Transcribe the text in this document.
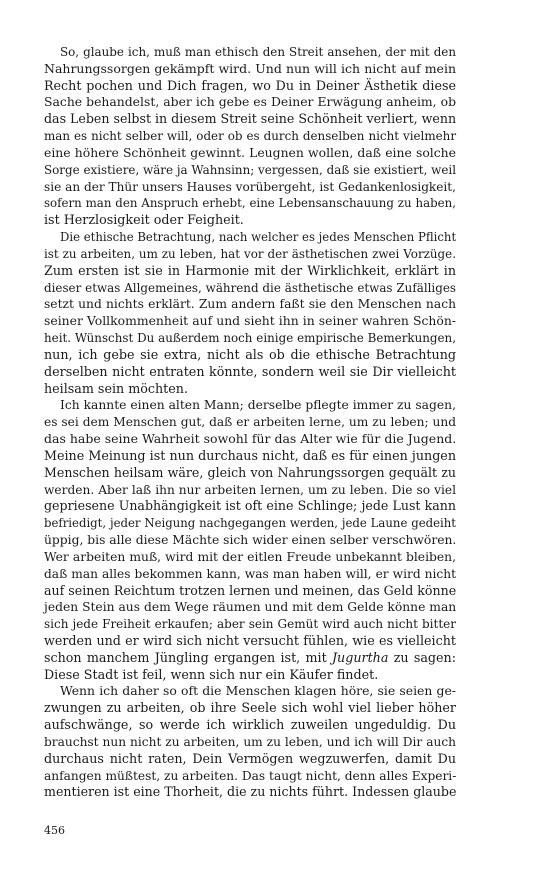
So, glaube ich, muß man ethisch den Streit ansehen, der mit den
Nahrungssorgen gekämpft wird. Und nun will ich nicht auf mein
Recht pochen und Dich fragen, wo Du in Deiner Ästhetik diese
Sache behandelst, aber ich gebe es Deiner Erwägung anheim, ob
das Leben selbst in diesem Streit seine Schönheit verliert, wenn
man es nicht selber will, oder ob es durch denselben nicht vielmehr
eine höhere Schönheit gewinnt. Leugnen wollen, daß eine solche
Sorge existiere, wäre ja Wahnsinn; vergessen, daß sie existiert, weil
sie an der Thür unsers Hauses vorübergeht, ist Gedankenlosigkeit,
sofern man den Anspruch erhebt, eine Lebensanschauung zu haben,
ist Herzlosigkeit oder Feigheit.
Die ethische Betrachtung, nach welcher es jedes Menschen Pflicht
ist zu arbeiten, um zu leben, hat vor der ästhetischen zwei Vorzüge.
Zum ersten ist sie in Harmonie mit der Wirklichkeit, erklärt in
dieser etwas Allgemeines, während die ästhetische etwas Zufälliges
setzt und nichts erklärt. Zum andern faßt sie den Menschen nach
seiner Vollkommenheit auf und sieht ihn in seiner wahren Schön-
heit. Wünschst Du außerdem noch einige empirische Bemerkungen,
nun, ich gebe sie extra, nicht als ob die ethische Betrachtung
derselben nicht entraten könnte, sondern weil sie Dir vielleicht
heilsam sein möchten.
Ich kannte einen alten Mann; derselbe pflegte immer zu sagen,
es sei dem Menschen gut, daß er arbeiten lerne, um zu leben; und
das habe seine Wahrheit sowohl für das Alter wie für die Jugend.
Meine Meinung ist nun durchaus nicht, daß es für einen jungen
Menschen heilsam wäre, gleich von Nahrungssorgen gequält zu
werden. Aber laß ihn nur arbeiten lernen, um zu leben. Die so viel
gepriesene Unabhängigkeit ist oft eine Schlinge; jede Lust kann
befriedigt, jeder Neigung nachgegangen werden, jede Laune gedeiht
üppig, bis alle diese Mächte sich wider einen selber verschwören.
Wer arbeiten muß, wird mit der eitlen Freude unbekannt bleiben,
daß man alles bekommen kann, was man haben will, er wird nicht
auf seinen Reichtum trotzen lernen und meinen, das Geld könne
jeden Stein aus dem Wege räumen und mit dem Gelde könne man
sich jede Freiheit erkaufen; aber sein Gemüt wird auch nicht bitter
werden und er wird sich nicht versucht fühlen, wie es vielleicht
schon manchem Jüngling ergangen ist, mit Jugurtha zu sagen:
Diese Stadt ist feil, wenn sich nur ein Käufer findet.
Wenn ich daher so oft die Menschen klagen höre, sie seien ge-
zwungen zu arbeiten, ob ihre Seele sich wohl viel lieber höher
aufschwänge, so werde ich wirklich zuweilen ungeduldig. Du
brauchst nun nicht zu arbeiten, um zu leben, und ich will Dir auch
durchaus nicht raten, Dein Vermögen wegzuwerfen, damit Du
anfangen müßtest, zu arbeiten. Das taugt nicht, denn alles Experi-
mentieren ist eine Thorheit, die zu nichts führt. Indessen glaube
456
